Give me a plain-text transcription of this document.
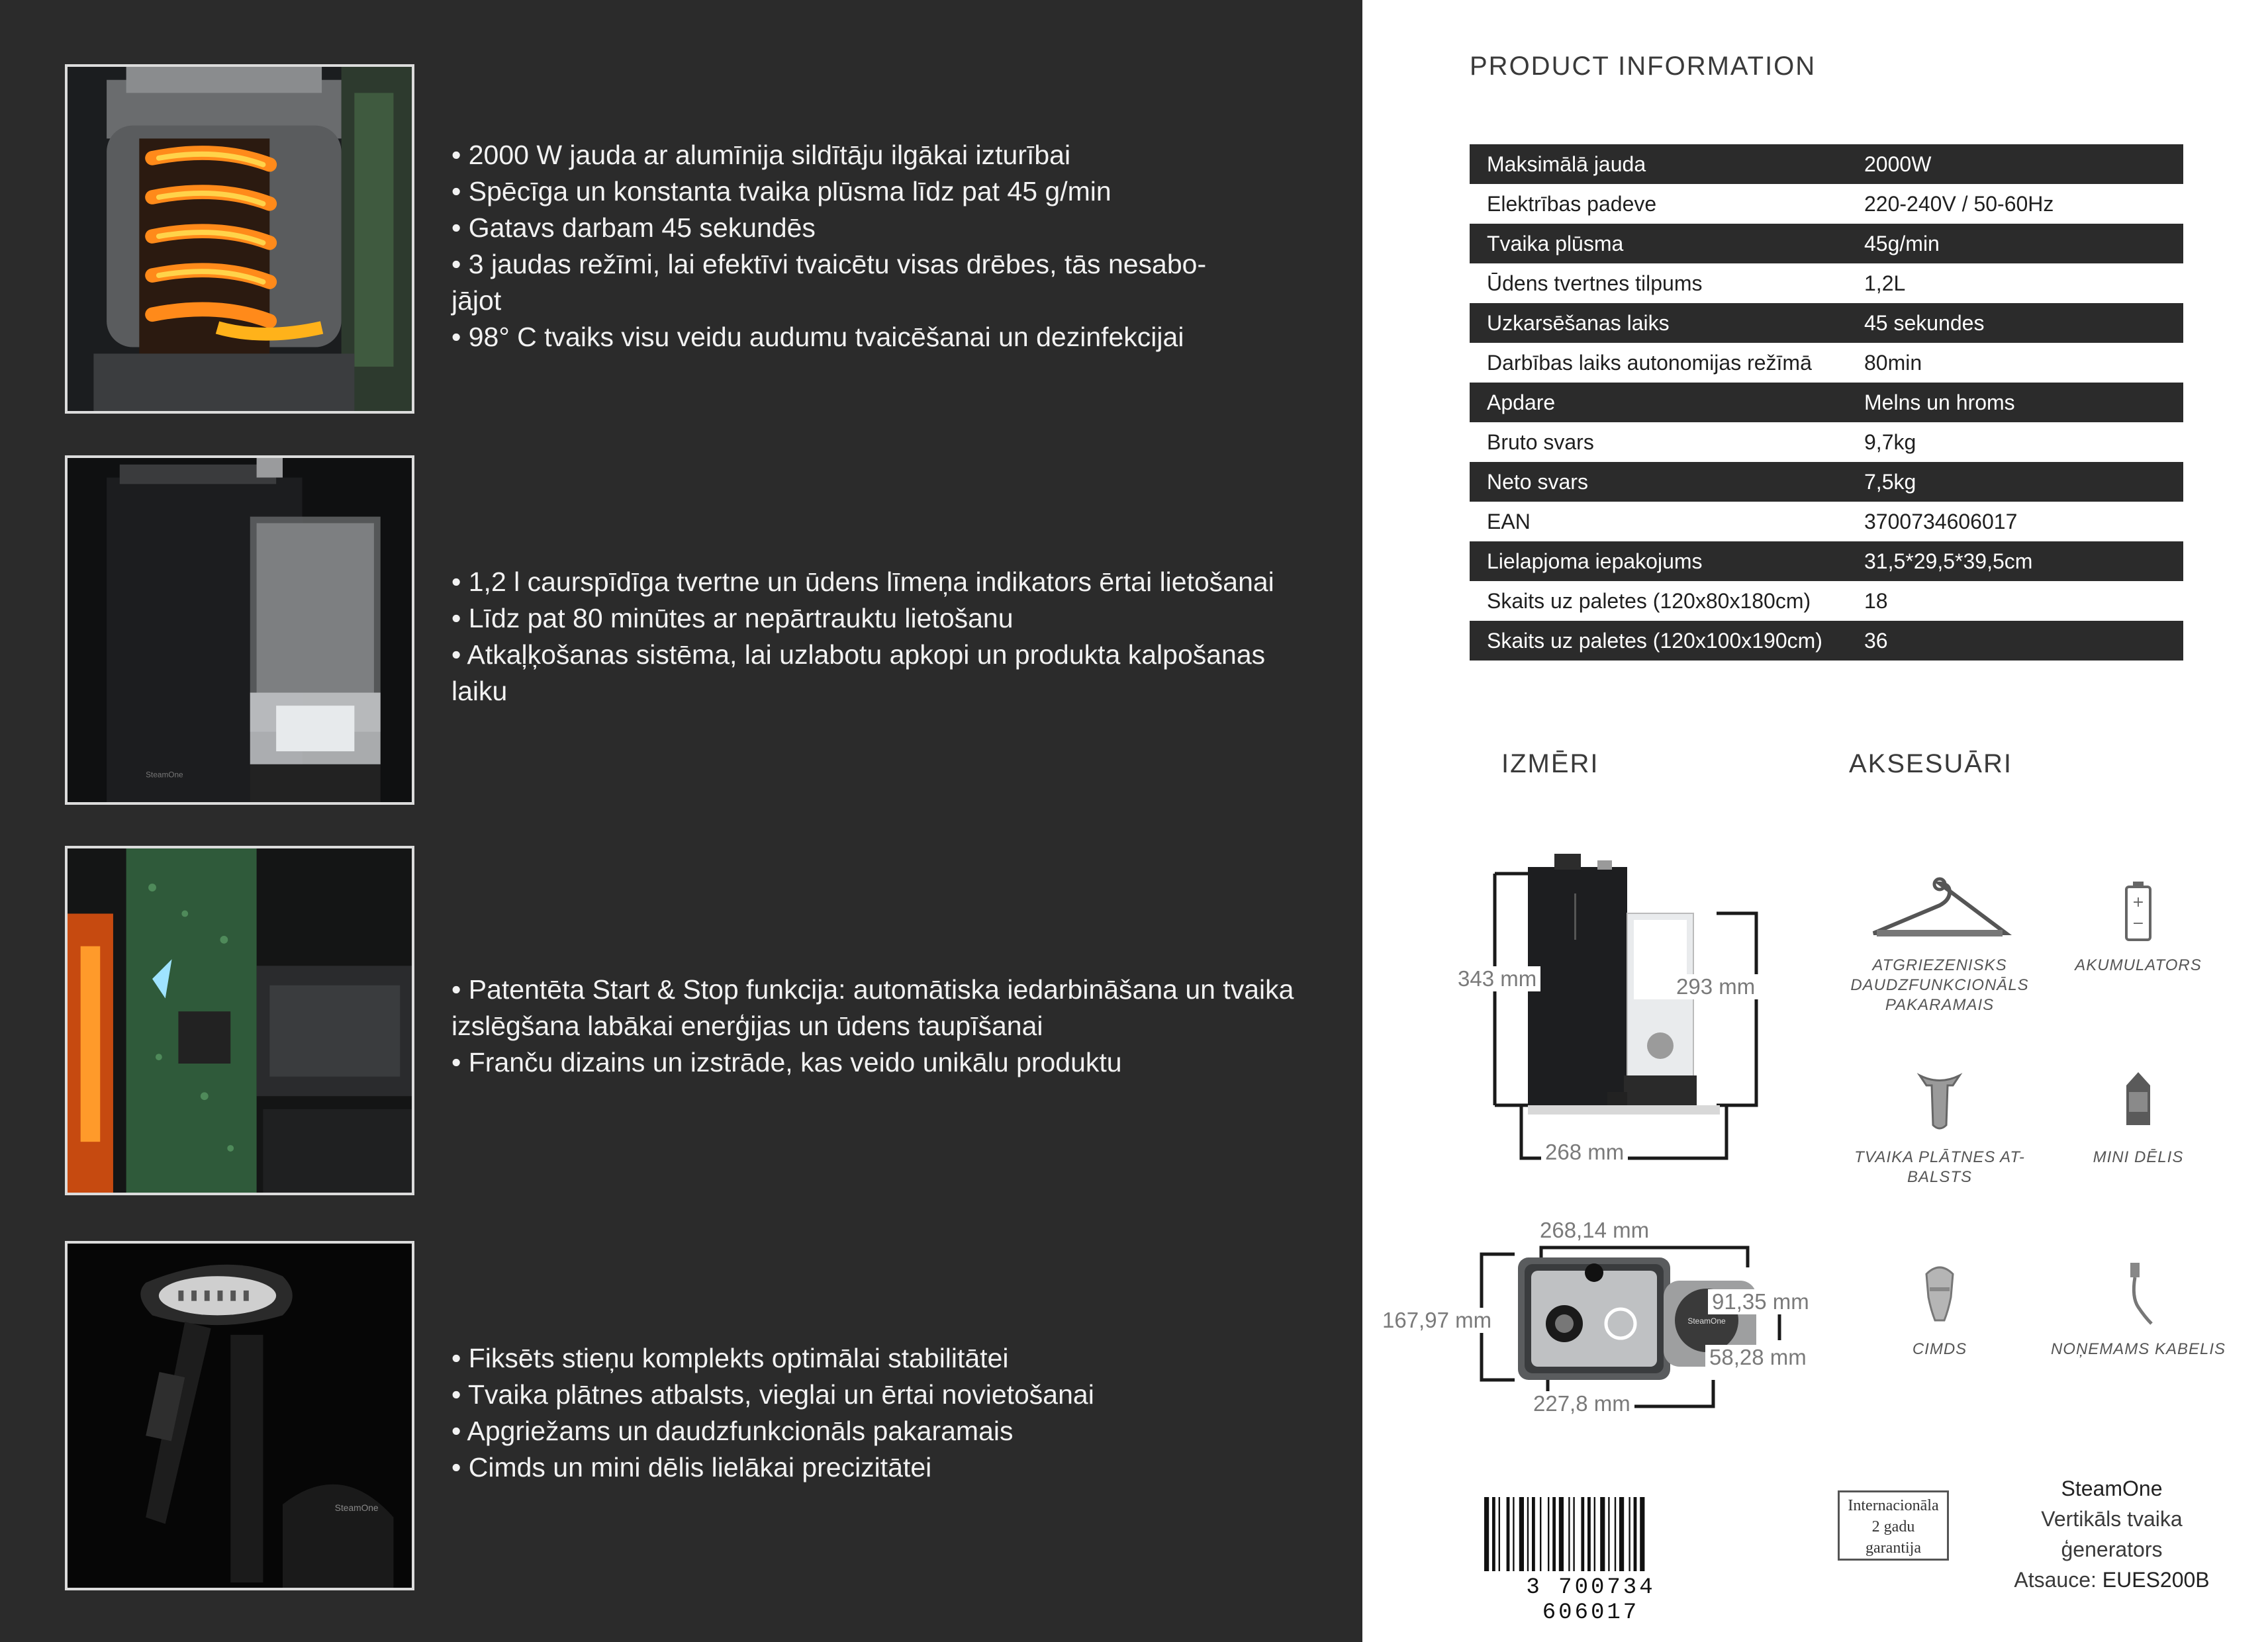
• 2000 W jauda ar alumīnija sildītāju ilgākai izturībai
• Spēcīga un konstanta tvaika plūsma līdz pat 45 g/min
• Gatavs darbam 45 sekundēs
• 3 jaudas režīmi, lai efektīvi tvaicētu visas drēbes, tās nesabo-jājot
• 98° C tvaiks visu veidu audumu tvaicēšanai un dezinfekcijai
SteamOne
• 1,2 l caurspīdīga tvertne un ūdens līmeņa indikators ērtai lietošanai
• Līdz pat 80 minūtes ar nepārtrauktu lietošanu
• Atkaļķošanas sistēma, lai uzlabotu apkopi un produkta kalpošanas laiku
• Patentēta Start & Stop funkcija: automātiska iedarbināšana un tvaika izslēgšana labākai enerģijas un ūdens taupīšanai
• Franču dizains un izstrāde, kas veido unikālu produktu
SteamOne
• Fiksēts stieņu komplekts optimālai stabilitātei
• Tvaika plātnes atbalsts, vieglai un ērtai novietošanai
• Apgriežams un daudzfunkcionāls pakaramais
• Cimds un mini dēlis lielākai precizitātei
PRODUCT INFORMATION
Maksimālā jauda	2000W
Elektrības padeve	220-240V / 50-60Hz
Tvaika plūsma	45g/min
Ūdens tvertnes tilpums	1,2L
Uzkarsēšanas laiks	45 sekundes
Darbības laiks autonomijas režīmā	80min
Apdare	Melns un hroms
Bruto svars	9,7kg
Neto svars	7,5kg
EAN	3700734606017
Lielapjoma iepakojums	31,5*29,5*39,5cm
Skaits uz paletes (120x80x180cm)	18
Skaits uz paletes (120x100x190cm)	36
IZMĒRI	AKSESUĀRI
343 mm	293 mm
268 mm
SteamOne
268,14 mm
167,97 mm
91,35 mm
58,28 mm
227,8 mm
ATGRIEZENISKS DAUDZFUNKCIONĀLS PAKARAMAIS
+
−
AKUMULATORS
TVAIKA PLĀTNES AT-BALSTS
MINI DĒLIS
CIMDS	NOŅEMAMS KABELIS
3 700734 606017
Internacionāla
2 gadu
garantija
SteamOne
Vertikāls tvaika
ģenerators
Atsauce: EUES200B
